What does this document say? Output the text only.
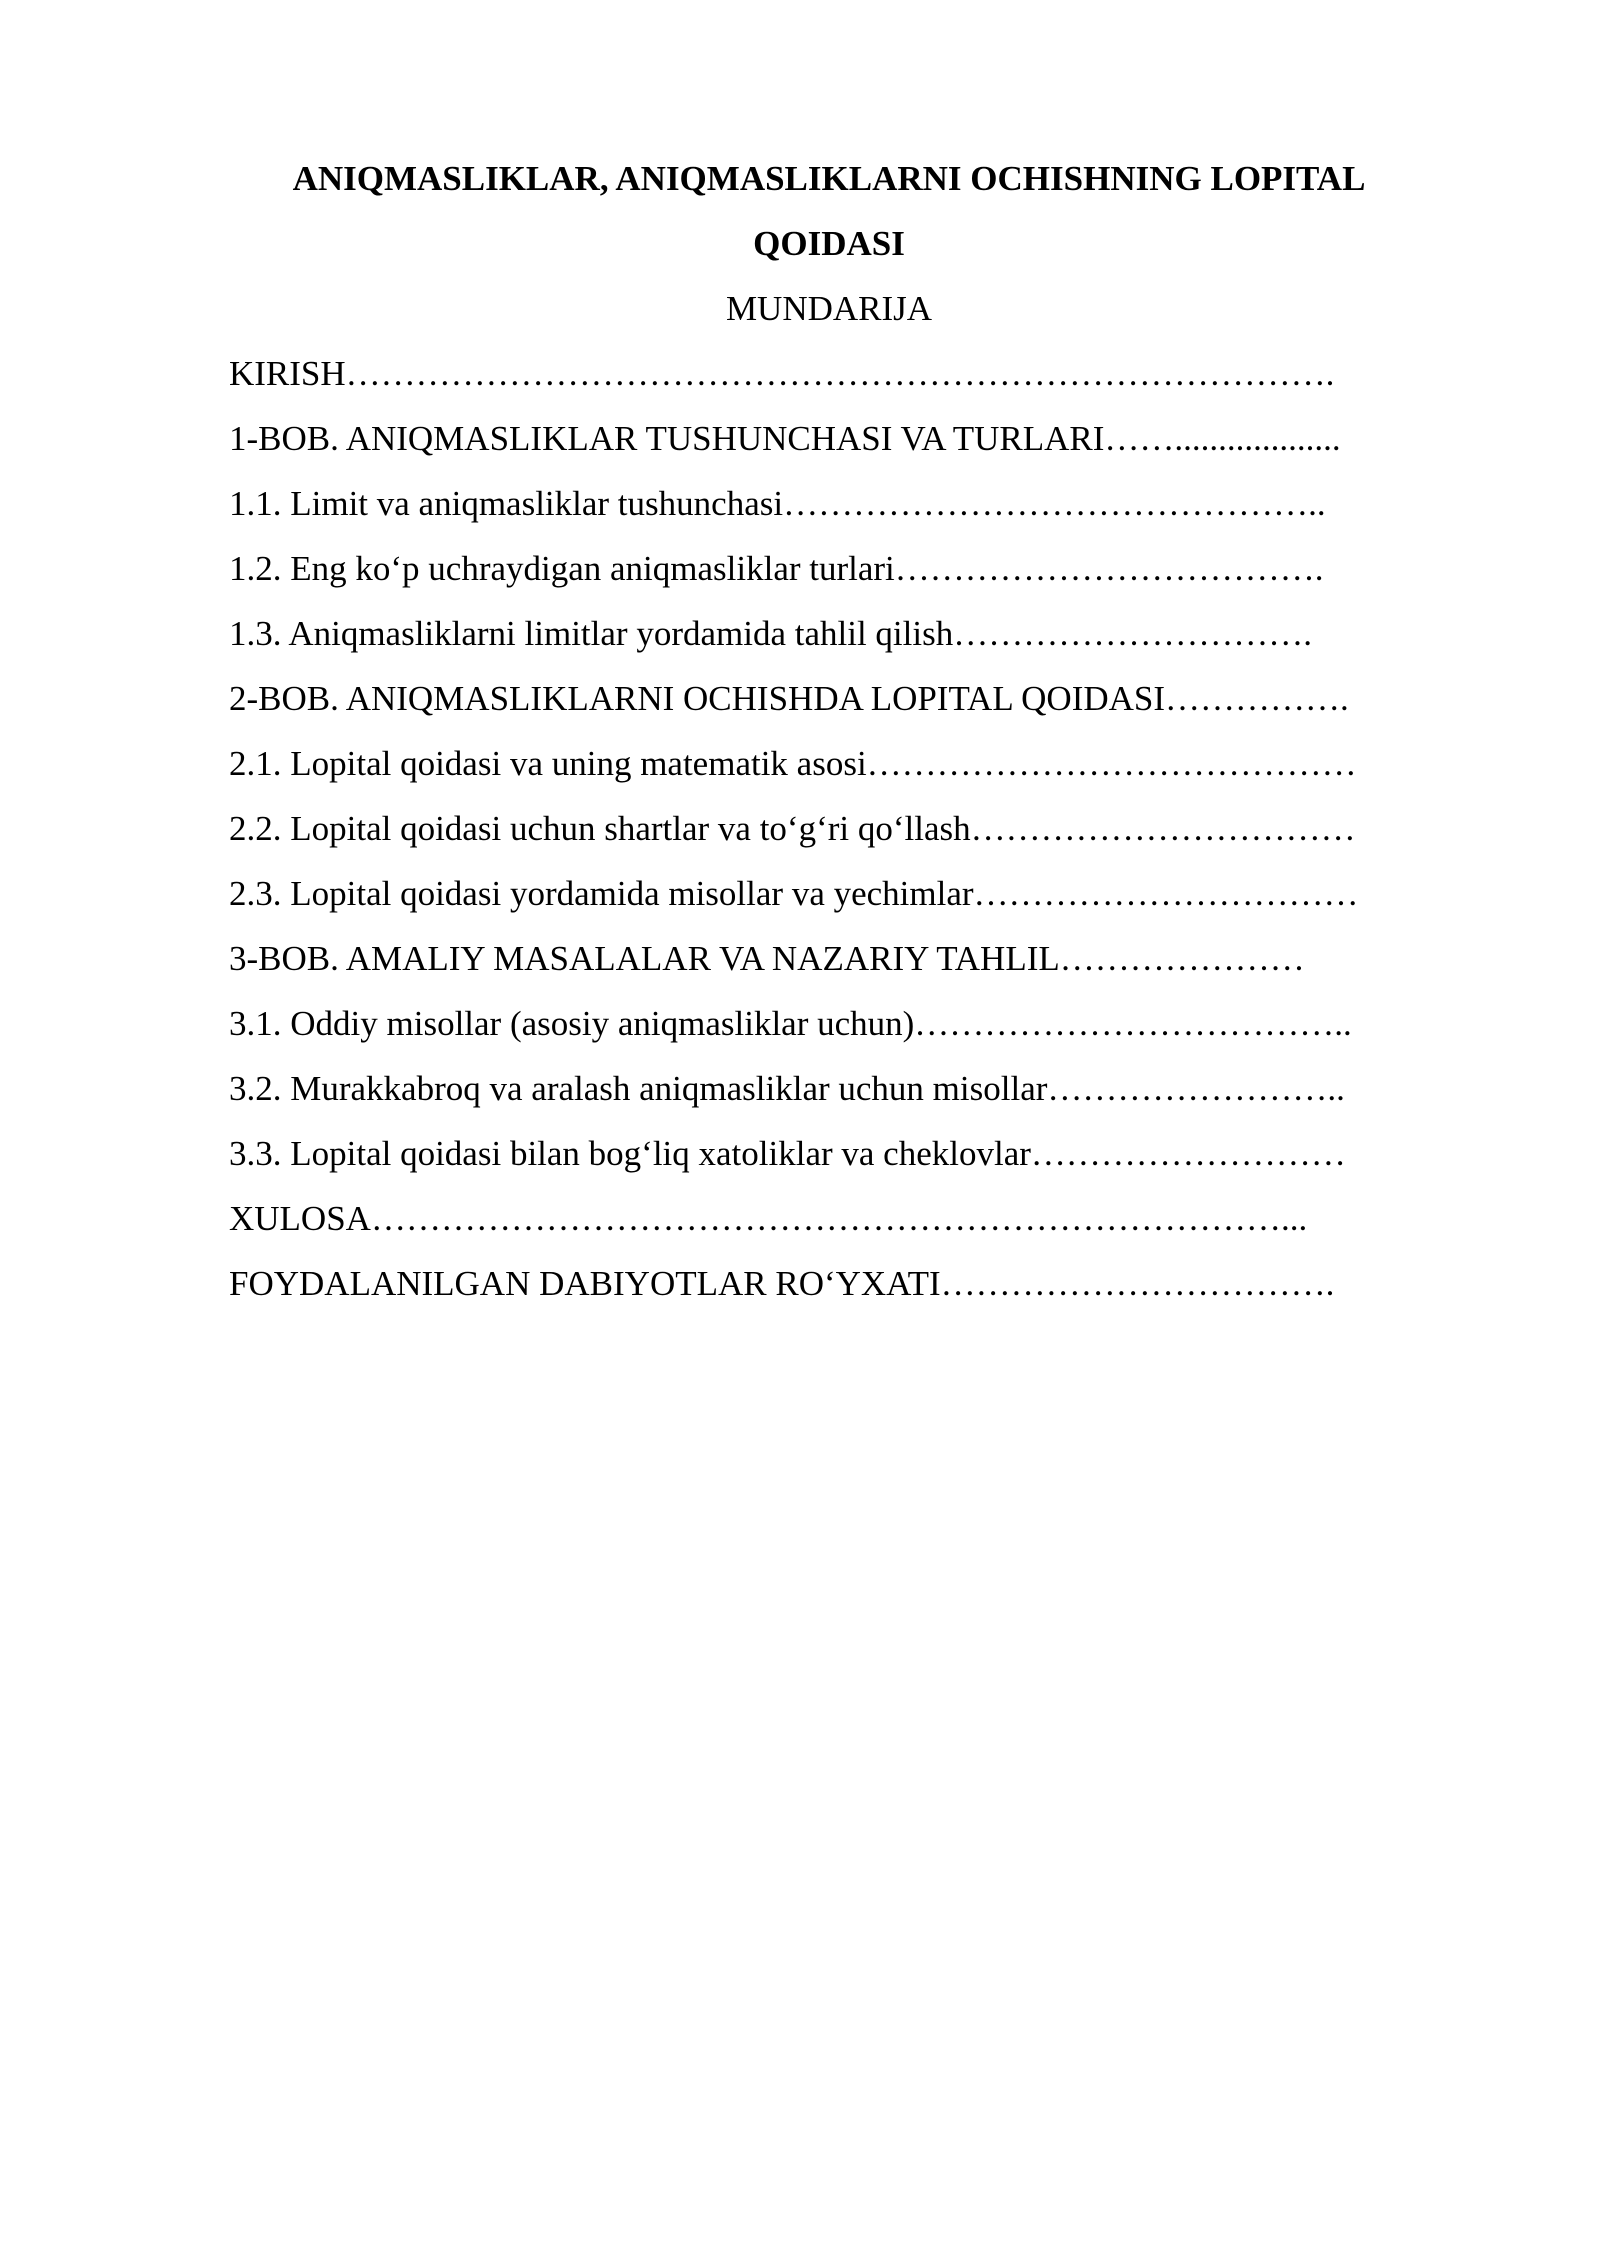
ANIQMASLIKLAR, ANIQMASLIKLARNI OCHISHNING LOPITAL
QOIDASI
MUNDARIJA
KIRISH………………………………………………………………………….
1-BOB. ANIQMASLIKLAR TUSHUNCHASI VA TURLARI……...................
1.1. Limit va aniqmasliklar tushunchasi………………………………………..
1.2. Eng ko‘p uchraydigan aniqmasliklar turlari……………………………….
1.3. Aniqmasliklarni limitlar yordamida tahlil qilish………………………….
2-BOB. ANIQMASLIKLARNI OCHISHDA LOPITAL QOIDASI…………….
2.1. Lopital qoidasi va uning matematik asosi……………………………………
2.2. Lopital qoidasi uchun shartlar va to‘g‘ri qo‘llash……………………………
2.3. Lopital qoidasi yordamida misollar va yechimlar……………………………
3-BOB. AMALIY MASALALAR VA NAZARIY TAHLIL…………………
3.1. Oddiy misollar (asosiy aniqmasliklar uchun)………………………………..
3.2. Murakkabroq va aralash aniqmasliklar uchun misollar……………………..
3.3. Lopital qoidasi bilan bog‘liq xatoliklar va cheklovlar………………………
XULOSA……………………………………………………………………...
FOYDALANILGAN DABIYOTLAR RO‘YXATI…………………………….
